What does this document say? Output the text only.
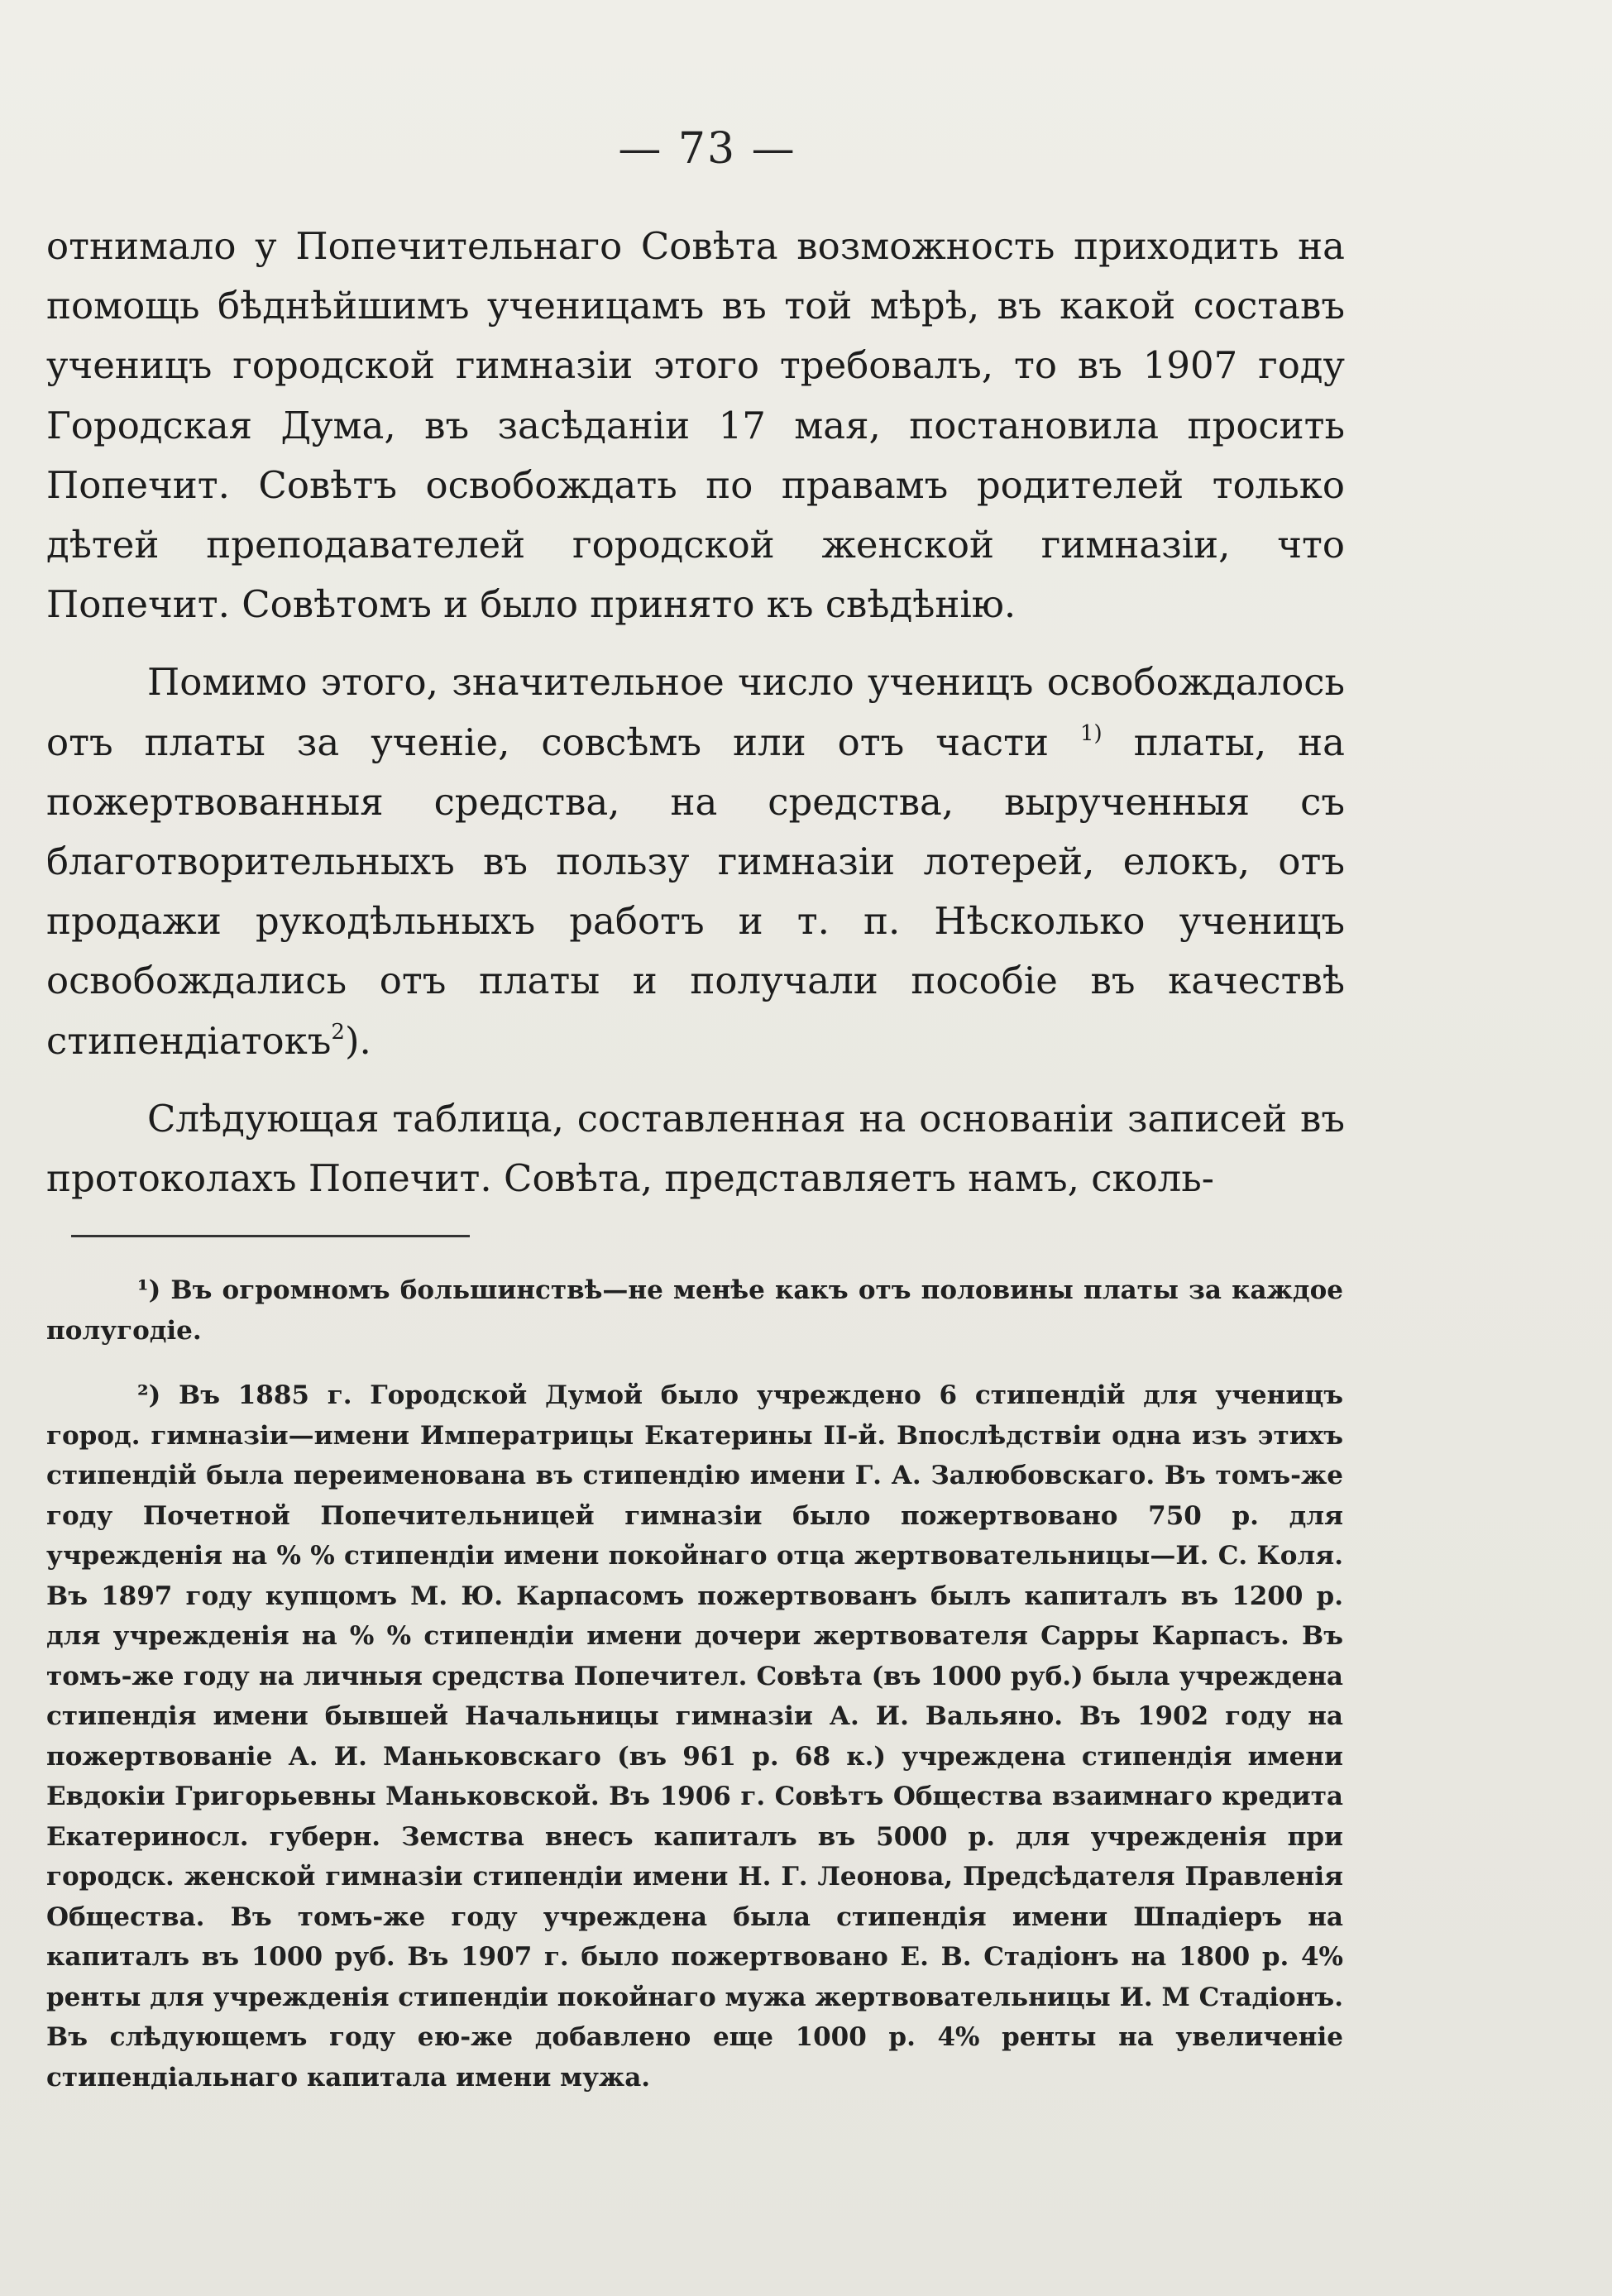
— 73 —

отнимало у Попечительнаго Совѣта возможность приходить на помощь бѣднѣйшимъ ученицамъ въ той мѣрѣ, въ какой составъ ученицъ городской гимназiи этого требовалъ, то въ 1907 году Городская Дума, въ засѣданiи 17 мая, постановила просить Попечит. Совѣтъ освобождать по правамъ родителей только дѣтей преподавателей городской женской гимназiи, что Попечит. Совѣтомъ и было принято къ свѣдѣнiю.

Помимо этого, значительное число ученицъ освобождалось отъ платы за ученiе, совсѣмъ или отъ части $^{1)}$ платы, на пожертвованныя средства, на средства, вырученныя съ благотворительныхъ въ пользу гимназiи лотерей, елокъ, отъ продажи рукодѣльныхъ работъ и т. п. Нѣсколько ученицъ освобождались отъ платы и получали пособiе въ качествѣ стипендiатокъ$^2$).

Слѣдующая таблица, составленная на основанiи записей въ протоколахъ Попечит. Совѣта, представляетъ намъ, сколь-

¹) Въ огромномъ большинствѣ—не менѣе какъ отъ половины платы за каждое полугодiе.

²) Въ 1885 г. Городской Думой было учреждено 6 стипендiй для ученицъ город. гимназiи—имени Императрицы Екатерины II-й. Впослѣдствiи одна изъ этихъ стипендiй была переименована въ стипендiю имени Г. А. Залюбовскаго. Въ томъ-же году Почетной Попечительницей гимназiи было пожертвовано 750 р. для учрежденiя на % % стипендiи имени покойнаго отца жертвовательницы—И. С. Коля. Въ 1897 году купцомъ М. Ю. Карпасомъ пожертвованъ былъ капиталъ въ 1200 р. для учрежденiя на % % стипендiи имени дочери жертвователя Сарры Карпасъ. Въ томъ-же году на личныя средства Попечител. Совѣта (въ 1000 руб.) была учреждена стипендiя имени бывшей Начальницы гимназiи А. И. Вальяно. Въ 1902 году на пожертвованiе А. И. Маньковскаго (въ 961 р. 68 к.) учреждена стипендiя имени Евдокiи Григорьевны Маньковской. Въ 1906 г. Совѣтъ Общества взаимнаго кредита Екатериносл. губерн. Земства внесъ капиталъ въ 5000 р. для учрежденiя при городск. женской гимназiи стипендiи имени Н. Г. Леонова, Предсѣдателя Правленiя Общества. Въ томъ-же году учреждена была стипендiя имени Шпадiеръ на капиталъ въ 1000 руб. Въ 1907 г. было пожертвовано Е. В. Стадiонъ на 1800 р. 4% ренты для учрежденiя стипендiи покойнаго мужа жертвовательницы И. М Стадiонъ. Въ слѣдующемъ году ею-же добавлено еще 1000 р. 4% ренты на увеличенiе стипендiальнаго капитала имени мужа.
